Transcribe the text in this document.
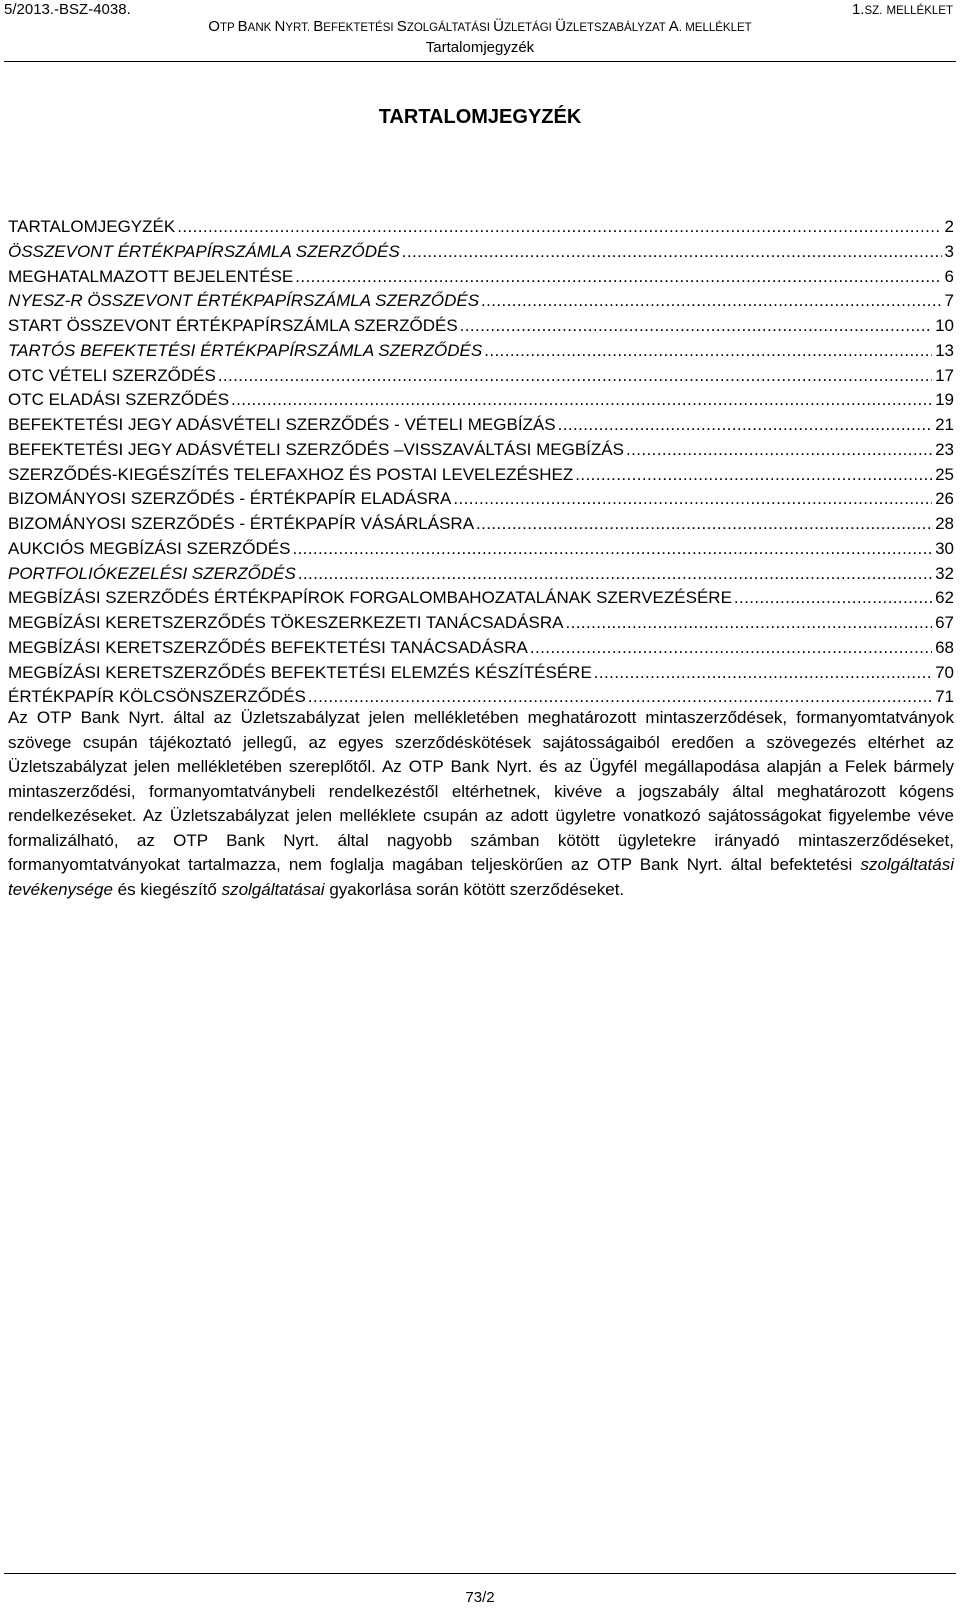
5/2013.-BSZ-4038.	1.SZ. MELLÉKLET
OTP BANK NYRT. BEFEKTETÉSI SZOLGÁLTATÁSI ÜZLETÁGI ÜZLETSZABÁLYZAT A. MELLÉKLET
Tartalomjegyzék
TARTALOMJEGYZÉK
TARTALOMJEGYZÉK .....	2
ÖSSZEVONT ÉRTÉKPAPÍRSZÁMLA SZERZŐDÉS .....	3
MEGHATALMAZOTT BEJELENTÉSE .....	6
NYESZ-R ÖSSZEVONT ÉRTÉKPAPÍRSZÁMLA SZERZŐDÉS .....	7
START ÖSSZEVONT ÉRTÉKPAPÍRSZÁMLA SZERZŐDÉS .....	10
TARTÓS BEFEKTETÉSI ÉRTÉKPAPÍRSZÁMLA SZERZŐDÉS .....	13
OTC VÉTELI SZERZŐDÉS .....	17
OTC ELADÁSI SZERZŐDÉS .....	19
BEFEKTETÉSI JEGY ADÁSVÉTELI SZERZŐDÉS - VÉTELI MEGBÍZÁS .....	21
BEFEKTETÉSI JEGY ADÁSVÉTELI SZERZŐDÉS –VISSZAVÁLTÁSI MEGBÍZÁS .....	23
SZERZŐDÉS-KIEGÉSZÍTÉS TELEFAXHOZ ÉS POSTAI LEVELEZÉSHEZ .....	25
BIZOMÁNYOSI SZERZŐDÉS - ÉRTÉKPAPÍR ELADÁSRA .....	26
BIZOMÁNYOSI SZERZŐDÉS - ÉRTÉKPAPÍR VÁSÁRLÁSRA .....	28
AUKCIÓS MEGBÍZÁSI SZERZŐDÉS .....	30
PORTFOLIÓKEZELÉSI SZERZŐDÉS .....	32
MEGBÍZÁSI SZERZŐDÉS ÉRTÉKPAPÍROK FORGALOMBAHOZATALÁNAK SZERVEZÉSÉRE .....	62
MEGBÍZÁSI KERETSZERZŐDÉS TÖKESZERKEZETI TANÁCSADÁSRA .....	67
MEGBÍZÁSI KERETSZERZŐDÉS BEFEKTETÉSI TANÁCSADÁSRA .....	68
MEGBÍZÁSI KERETSZERZŐDÉS BEFEKTETÉSI ELEMZÉS KÉSZÍTÉSÉRE .....	70
ÉRTÉKPAPÍR KÖLCSÖNSZERZŐDÉS .....	71
Az OTP Bank Nyrt. által az Üzletszabályzat jelen mellékletében meghatározott mintaszerződések, formanyomtatványok szövege csupán tájékoztató jellegű, az egyes szerződéskötések sajátosságaiból eredően a szövegezés eltérhet az Üzletszabályzat jelen mellékletében szereplőtől. Az OTP Bank Nyrt. és az Ügyfél megállapodása alapján a Felek bármely mintaszerződési, formanyomtatványbeli rendelkezéstől eltérhetnek, kivéve a jogszabály által meghatározott kógens rendelkezéseket. Az Üzletszabályzat jelen melléklete csupán az adott ügyletre vonatkozó sajátosságokat figyelembe véve formalizálható, az OTP Bank Nyrt. által nagyobb számban kötött ügyletekre irányadó mintaszerződéseket, formanyomtatványokat tartalmazza, nem foglalja magában teljeskörűen az OTP Bank Nyrt. által befektetési szolgáltatási tevékenysége és kiegészítő szolgáltatásai gyakorlása során kötött szerződéseket.
73/2
